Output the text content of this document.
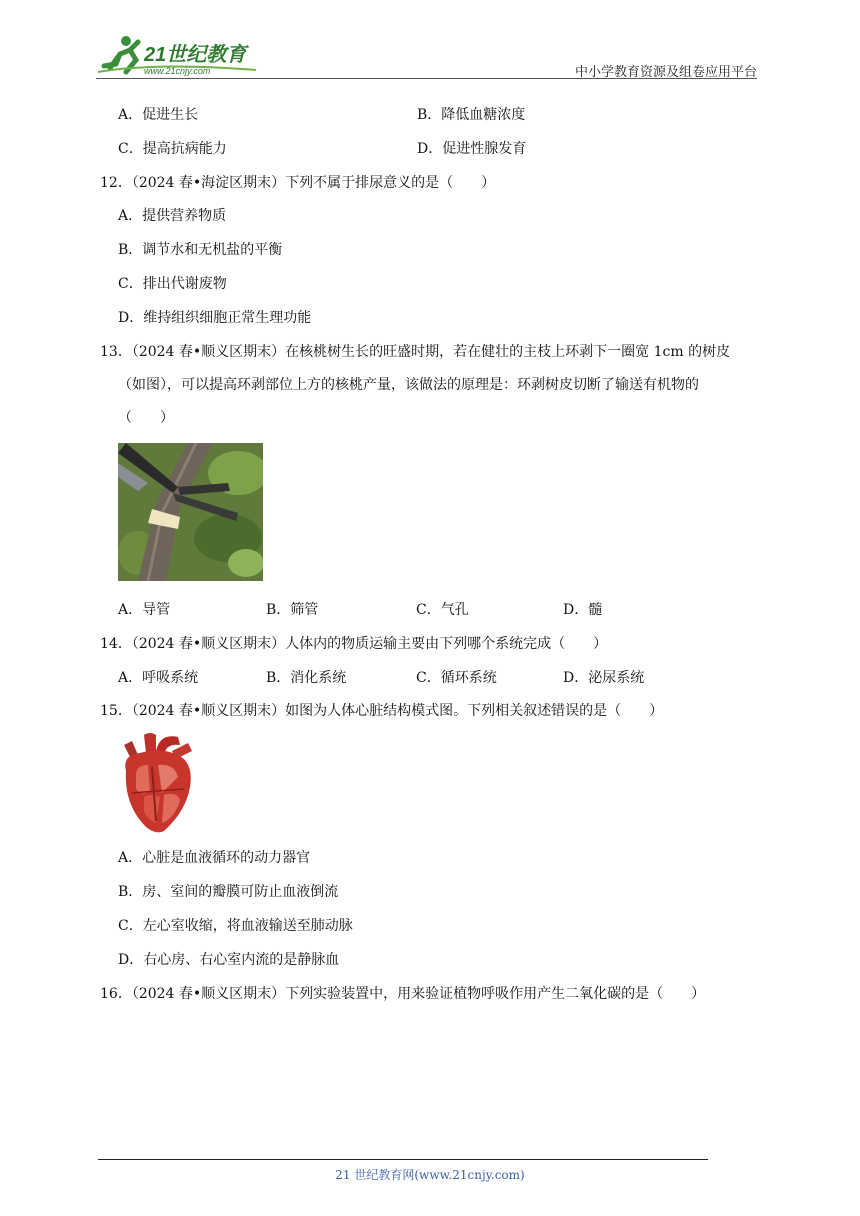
21世纪教育
www.21cnjy.com	中小学教育资源及组卷应用平台
A．促进生长	B．降低血糖浓度
C．提高抗病能力	D．促进性腺发育
12．（2024 春•海淀区期末）下列不属于排尿意义的是（　　）
A．提供营养物质
B．调节水和无机盐的平衡
C．排出代谢废物
D．维持组织细胞正常生理功能
13．（2024 春•顺义区期末）在核桃树生长的旺盛时期，若在健壮的主枝上环剥下一圈宽 1cm 的树皮
（如图），可以提高环剥部位上方的核桃产量，该做法的原理是：环剥树皮切断了输送有机物的
（　　）
A．导管	B．筛管	C．气孔	D．髓
14．（2024 春•顺义区期末）人体内的物质运输主要由下列哪个系统完成（　　）
A．呼吸系统	B．消化系统	C．循环系统	D．泌尿系统
15．（2024 春•顺义区期末）如图为人体心脏结构模式图。下列相关叙述错误的是（　　）
A．心脏是血液循环的动力器官
B．房、室间的瓣膜可防止血液倒流
C．左心室收缩，将血液输送至肺动脉
D．右心房、右心室内流的是静脉血
16．（2024 春•顺义区期末）下列实验装置中，用来验证植物呼吸作用产生二氧化碳的是（　　）
21 世纪教育网(www.21cnjy.com)
